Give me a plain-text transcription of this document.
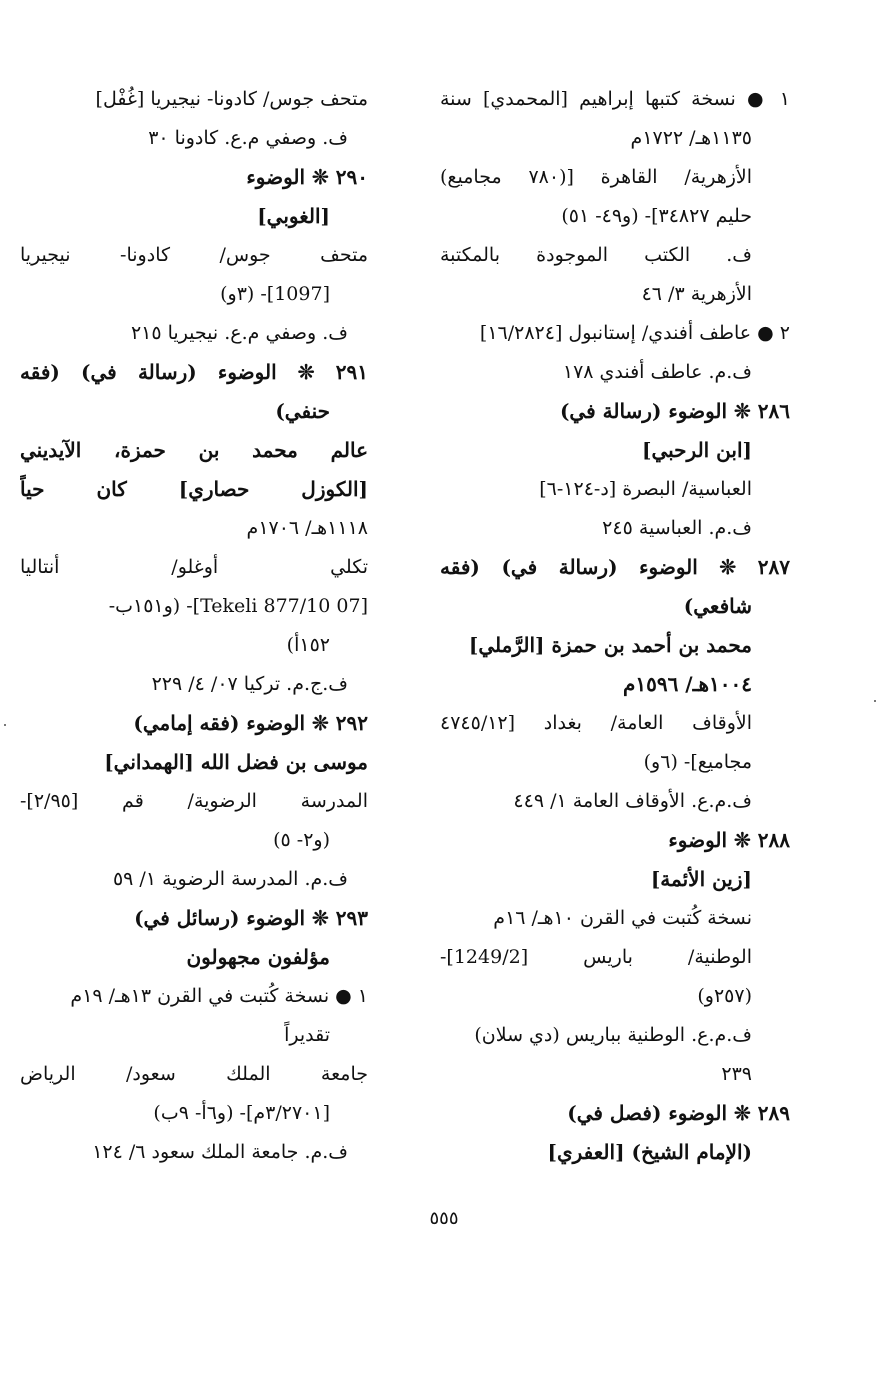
١ ● نسخة كتبها إبراهيم [المحمدي] سنة
١١٣٥هـ/ ١٧٢٢م
الأزهرية/ القاهرة [(٧٨٠ مجاميع)
حليم ٣٤٨٢٧]- (و٤٩- ٥١)
ف. الكتب الموجودة بالمكتبة
الأزهرية ٣/ ٤٦
٢ ● عاطف أفندي/ إستانبول [١٦/٢٨٢٤]
ف.م. عاطف أفندي ١٧٨
٢٨٦ ❊ الوضوء (رسالة في)
[ابن الرحبي]
العباسية/ البصرة [د-١٢٤-٦]
ف.م. العباسية ٢٤٥
٢٨٧ ❊ الوضوء (رسالة في) (فقه
شافعي)
محمد بن أحمد بن حمزة [الرَّملي]
١٠٠٤هـ/ ١٥٩٦م
الأوقاف العامة/ بغداد [٤٧٤٥/١٢
مجاميع]- (٦و)
ف.م.ع. الأوقاف العامة ١/ ٤٤٩
٢٨٨ ❊ الوضوء
[زين الأئمة]
نسخة كُتبت في القرن ١٠هـ/ ١٦م
الوطنية/ باريس [1249/2]-
(٢٥٧و)
ف.م.ع. الوطنية بباريس (دي سلان)
٢٣٩
٢٨٩ ❊ الوضوء (فصل في)
(الإمام الشيخ) [العفري]
متحف جوس/ كادونا- نيجيريا [غُفْل]
ف. وصفي م.ع. كادونا ٣٠
٢٩٠ ❊ الوضوء
[الغوبي]
متحف جوس/ كادونا- نيجيريا
[1097]- (٣و)
ف. وصفي م.ع. نيجيريا ٢١٥
٢٩١ ❊ الوضوء (رسالة في) (فقه
حنفي)
عالم محمد بن حمزة، الآيديني
[الكوزل حصاري] كان حياً
١١١٨هـ/ ١٧٠٦م
تكلي أوغلو/ أنتاليا
[07 Tekeli 877/10]- (و١٥١ب-
١٥٢أ)
ف.ج.م. تركيا ٠٧/ ٤/ ٢٢٩
٢٩٢ ❊ الوضوء (فقه إمامي)
موسى بن فضل الله [الهمداني]
المدرسة الرضوية/ قم [٢/٩٥]-
(و٢- ٥)
ف.م. المدرسة الرضوية ١/ ٥٩
٢٩٣ ❊ الوضوء (رسائل في)
مؤلفون مجهولون
١ ● نسخة كُتبت في القرن ١٣هـ/ ١٩م
تقديراً
جامعة الملك سعود/ الرياض
[٣/٢٧٠١م]- (و٦أ- ٩ب)
ف.م. جامعة الملك سعود ٦/ ١٢٤
٥٥٥
